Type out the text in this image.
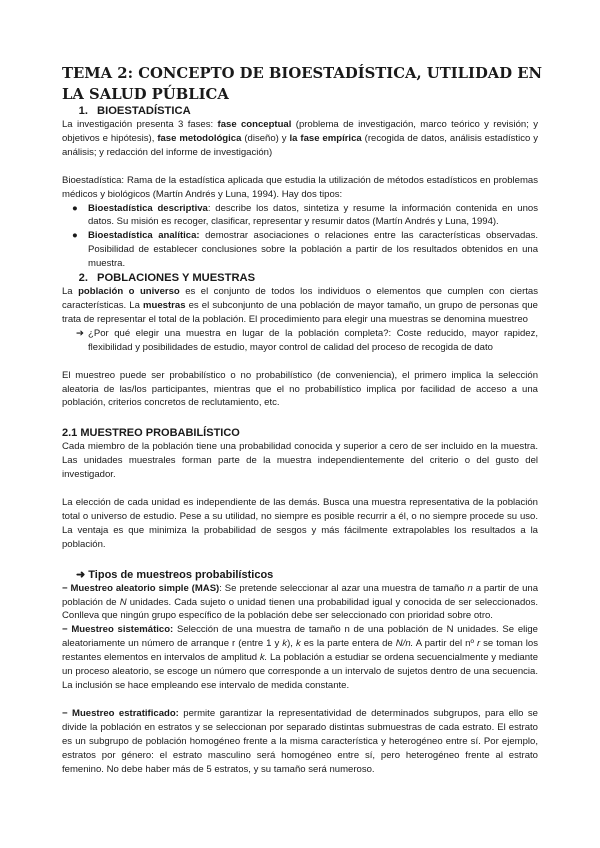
TEMA 2: CONCEPTO DE BIOESTADÍSTICA, UTILIDAD EN LA SALUD PÚBLICA
1. BIOESTADÍSTICA

La investigación presenta 3 fases: fase conceptual (problema de investigación, marco teórico y revisión; y objetivos e hipótesis), fase metodológica (diseño) y la fase empírica (recogida de datos, análisis estadístico y análisis; y redacción del informe de investigación)

Bioestadística: Rama de la estadística aplicada que estudia la utilización de métodos estadísticos en problemas médicos y biológicos (Martín Andrés y Luna, 1994). Hay dos tipos:

● Bioestadística descriptiva: describe los datos, sintetiza y resume la información contenida en unos datos. Su misión es recoger, clasificar, representar y resumir datos (Martín Andrés y Luna, 1994).
● Bioestadística analítica: demostrar asociaciones o relaciones entre las características observadas. Posibilidad de establecer conclusiones sobre la población a partir de los resultados obtenidos en una muestra.
2. POBLACIONES Y MUESTRAS

La población o universo es el conjunto de todos los individuos o elementos que cumplen con ciertas características. La muestras es el subconjunto de una población de mayor tamaño, un grupo de personas que trata de representar el total de la población. El procedimiento para elegir una muestras se denomina muestreo

➔ ¿Por qué elegir una muestra en lugar de la población completa?: Coste reducido, mayor rapidez, flexibilidad y posibilidades de estudio, mayor control de calidad del proceso de recogida de dato

El muestreo puede ser probabilístico o no probabilístico (de conveniencia), el primero implica la selección aleatoria de las/los participantes, mientras que el no probabilístico implica por facilidad de acceso a una población, criterios concretos de reclutamiento, etc.

2.1 MUESTREO PROBABILÍSTICO

Cada miembro de la población tiene una probabilidad conocida y superior a cero de ser incluido en la muestra. Las unidades muestrales forman parte de la muestra independientemente del criterio o del gusto del investigador.

La elección de cada unidad es independiente de las demás. Busca una muestra representativa de la población total o universo de estudio. Pese a su utilidad, no siempre es posible recurrir a él, o no siempre procede su uso. La ventaja es que minimiza la probabilidad de sesgos y más fácilmente extrapolables los resultados a la población.

➜ Tipos de muestreos probabilísticos

− Muestreo aleatorio simple (MAS): Se pretende seleccionar al azar una muestra de tamaño n a partir de una población de N unidades. Cada sujeto o unidad tienen una probabilidad igual y conocida de ser seleccionados. Conlleva que ningún grupo específico de la población debe ser seleccionado con prioridad sobre otro.

− Muestreo sistemático: Selección de una muestra de tamaño n de una población de N unidades. Se elige aleatoriamente un número de arranque r (entre 1 y k), k es la parte entera de N/n. A partir del nº r se toman los restantes elementos en intervalos de amplitud k. La población a estudiar se ordena secuencialmente y mediante un proceso aleatorio, se escoge un número que corresponde a un intervalo de sujetos dentro de una secuencia. La inclusión se hace empleando ese intervalo de medida constante.

− Muestreo estratificado: permite garantizar la representatividad de determinados subgrupos, para ello se divide la población en estratos y se seleccionan por separado distintas submuestras de cada estrato. El estrato es un subgrupo de población homogéneo frente a la misma característica y heterogéneo entre sí. Por ejemplo, estratos por género: el estrato masculino será homogéneo entre sí, pero heterogéneo frente al estrato femenino. No debe haber más de 5 estratos, y su tamaño será numeroso.
